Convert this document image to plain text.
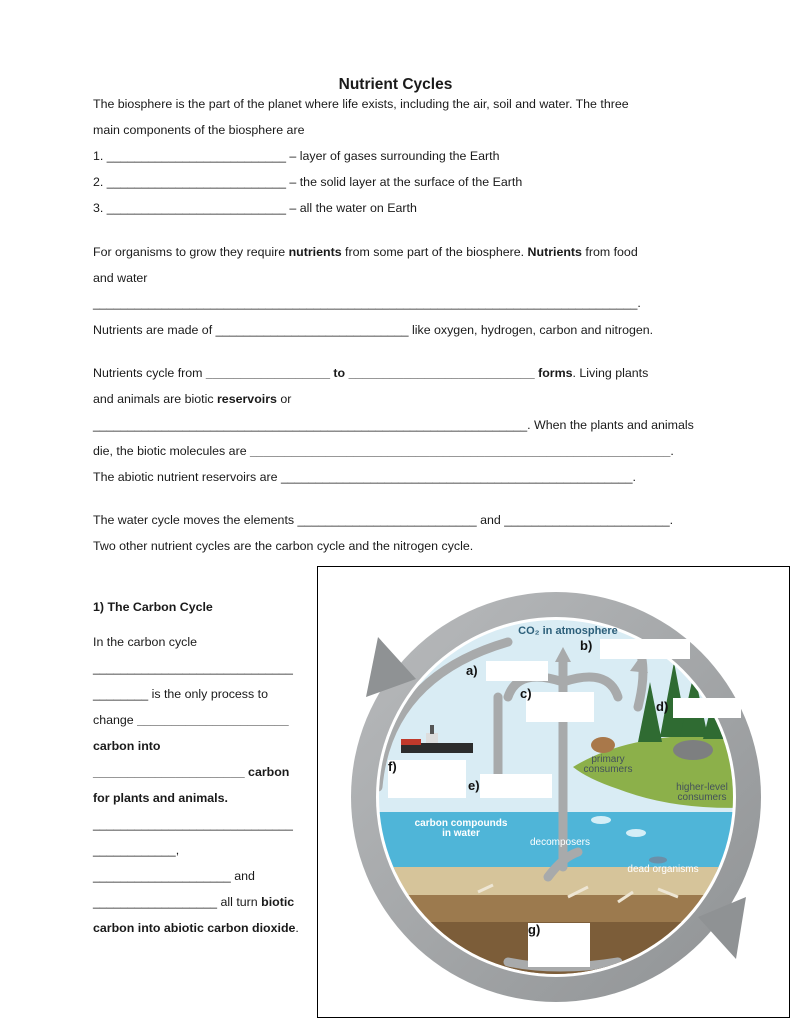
Nutrient Cycles
The biosphere is the part of the planet where life exists, including the air, soil and water. The three
main components of the biosphere are
1. __________________________ – layer of gases surrounding the Earth
2. __________________________ – the solid layer at the surface of the Earth
3. __________________________ – all the water on Earth
For organisms to grow they require nutrients from some part of the biosphere. Nutrients from food
and water
_______________________________________________________________________________.
Nutrients are made of ____________________________ like oxygen, hydrogen, carbon and nitrogen.
Nutrients cycle from __________________ to ___________________________ forms. Living plants
and animals are biotic reservoirs or
_______________________________________________________________. When the plants and animals
die, the biotic molecules are _____________________________________________________________.
The abiotic nutrient reservoirs are ___________________________________________________.
The water cycle moves the elements __________________________ and ________________________.
Two other nutrient cycles are the carbon cycle and the nitrogen cycle.
1) The Carbon Cycle
In the carbon cycle
_____________________________
________ is the only process to
change ______________________
carbon into
______________________ carbon
for plants and animals.
_____________________________
____________,
____________________ and
__________________ all turn biotic
carbon into abiotic carbon dioxide.
CO₂ in atmosphere
primary
consumers
higher-level
consumers
carbon compounds
in water
decomposers
dead organisms
a)
b)
c)
d)
e)
f)
g)
